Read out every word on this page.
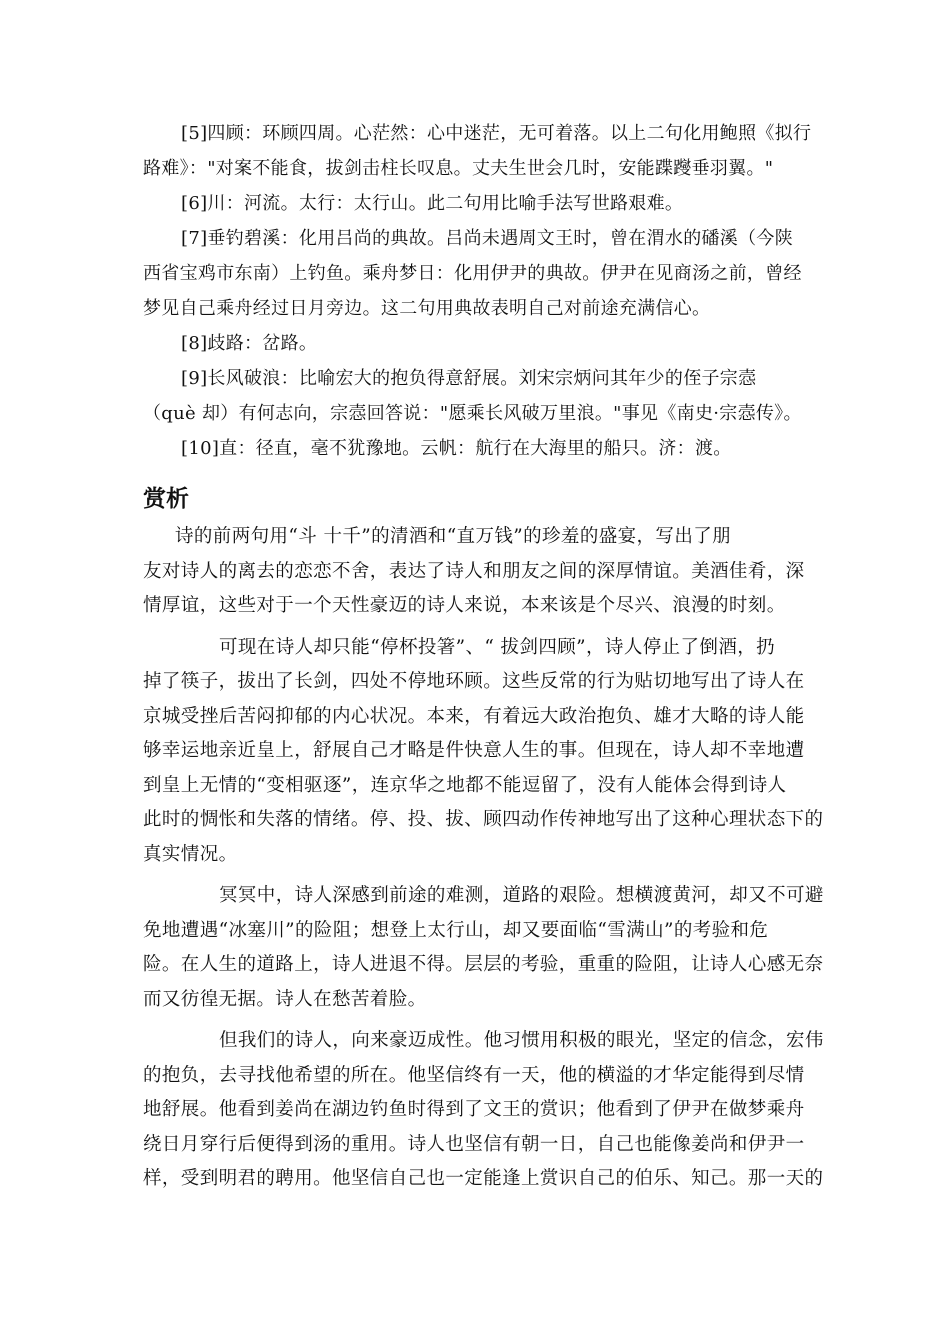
[5]四顾：环顾四周。心茫然：心中迷茫，无可着落。以上二句化用鲍照《拟行

路难》："对案不能食，拔剑击柱长叹息。丈夫生世会几时，安能蹀躞垂羽翼。"

[6]川：河流。太行：太行山。此二句用比喻手法写世路艰难。

[7]垂钓碧溪：化用吕尚的典故。吕尚未遇周文王时，曾在渭水的磻溪（今陕

西省宝鸡市东南）上钓鱼。乘舟梦日：化用伊尹的典故。伊尹在见商汤之前，曾经

梦见自己乘舟经过日月旁边。这二句用典故表明自己对前途充满信心。

[8]歧路：岔路。

[9]长风破浪：比喻宏大的抱负得意舒展。刘宋宗炳问其年少的侄子宗悫

（què 却）有何志向，宗悫回答说："愿乘长风破万里浪。"事见《南史·宗悫传》。

[10]直：径直，毫不犹豫地。云帆：航行在大海里的船只。济：渡。

赏析

诗的前两句用“斗 十千”的清酒和“直万钱”的珍羞的盛宴，写出了朋

友对诗人的离去的恋恋不舍，表达了诗人和朋友之间的深厚情谊。美酒佳肴，深

情厚谊，这些对于一个天性豪迈的诗人来说，本来该是个尽兴、浪漫的时刻。

可现在诗人却只能“停杯投箸”、“ 拔剑四顾”，诗人停止了倒酒，扔

掉了筷子，拔出了长剑，四处不停地环顾。这些反常的行为贴切地写出了诗人在

京城受挫后苦闷抑郁的内心状况。本来，有着远大政治抱负、雄才大略的诗人能

够幸运地亲近皇上，舒展自己才略是件快意人生的事。但现在，诗人却不幸地遭

到皇上无情的“变相驱逐”，连京华之地都不能逗留了，没有人能体会得到诗人

此时的惆怅和失落的情绪。停、投、拔、顾四动作传神地写出了这种心理状态下的

真实情况。

冥冥中，诗人深感到前途的难测，道路的艰险。想横渡黄河，却又不可避

免地遭遇“冰塞川”的险阻；想登上太行山，却又要面临“雪满山”的考验和危

险。在人生的道路上，诗人进退不得。层层的考验，重重的险阻，让诗人心感无奈

而又彷徨无据。诗人在愁苦着脸。

但我们的诗人，向来豪迈成性。他习惯用积极的眼光，坚定的信念，宏伟

的抱负，去寻找他希望的所在。他坚信终有一天，他的横溢的才华定能得到尽情

地舒展。他看到姜尚在湖边钓鱼时得到了文王的赏识；他看到了伊尹在做梦乘舟

绕日月穿行后便得到汤的重用。诗人也坚信有朝一日，自己也能像姜尚和伊尹一

样，受到明君的聘用。他坚信自己也一定能逢上赏识自己的伯乐、知己。那一天的
